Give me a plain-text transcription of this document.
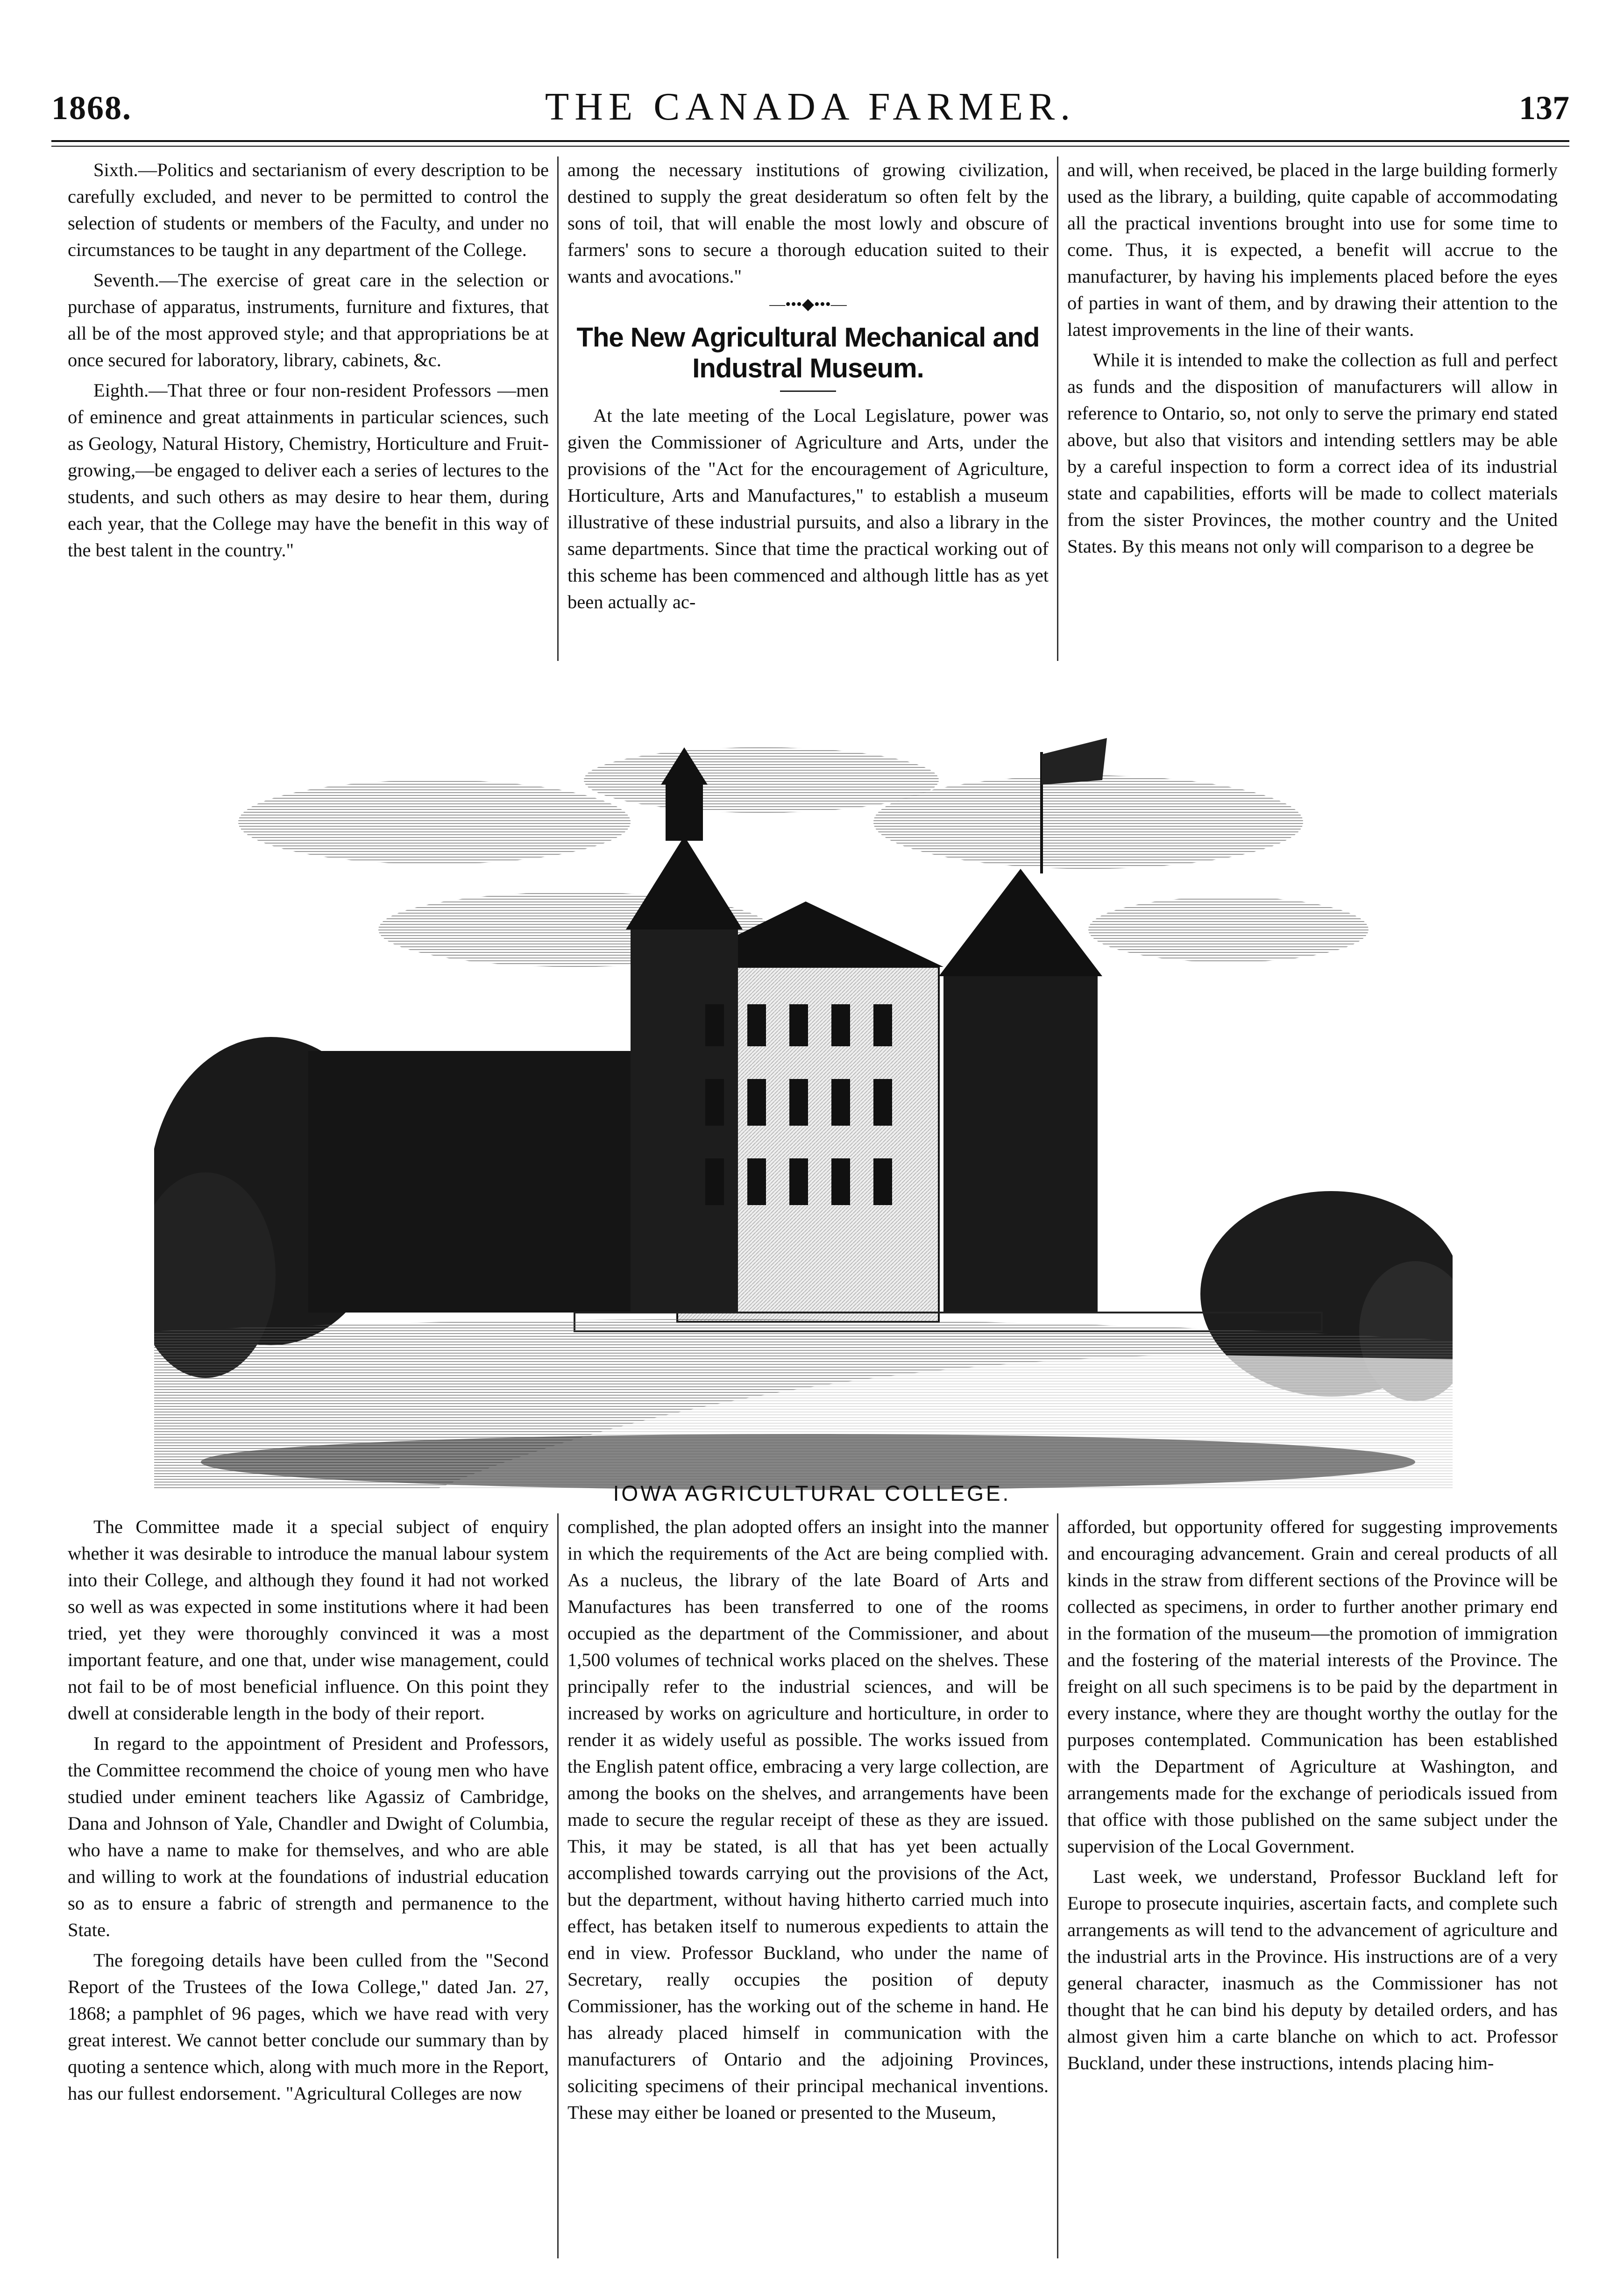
1868.	THE CANADA FARMER.	137

Sixth.—Politics and sectarianism of every description to be carefully excluded, and never to be permitted to control the selection of students or members of the Faculty, and under no circumstances to be taught in any department of the College.

Seventh.—The exercise of great care in the selection or purchase of apparatus, instruments, furniture and fixtures, that all be of the most approved style; and that appropriations be at once secured for laboratory, library, cabinets, &c.

Eighth.—That three or four non-resident Professors —men of eminence and great attainments in particular sciences, such as Geology, Natural History, Chemistry, Horticulture and Fruit-growing,—be engaged to deliver each a series of lectures to the students, and such others as may desire to hear them, during each year, that the College may have the benefit in this way of the best talent in the country."

among the necessary institutions of growing civilization, destined to supply the great desideratum so often felt by the sons of toil, that will enable the most lowly and obscure of farmers' sons to secure a thorough education suited to their wants and avocations."

—•••◆•••—
The New Agricultural Mechanical and Industral Museum.

At the late meeting of the Local Legislature, power was given the Commissioner of Agriculture and Arts, under the provisions of the "Act for the encouragement of Agriculture, Horticulture, Arts and Manufactures," to establish a museum illustrative of these industrial pursuits, and also a library in the same departments. Since that time the practical working out of this scheme has been commenced and although little has as yet been actually ac-

and will, when received, be placed in the large building formerly used as the library, a building, quite capable of accommodating all the practical inventions brought into use for some time to come. Thus, it is expected, a benefit will accrue to the manufacturer, by having his implements placed before the eyes of parties in want of them, and by drawing their attention to the latest improvements in the line of their wants.

While it is intended to make the collection as full and perfect as funds and the disposition of manufacturers will allow in reference to Ontario, so, not only to serve the primary end stated above, but also that visitors and intending settlers may be able by a careful inspection to form a correct idea of its industrial state and capabilities, efforts will be made to collect materials from the sister Provinces, the mother country and the United States. By this means not only will comparison to a degree be

IOWA AGRICULTURAL COLLEGE.

The Committee made it a special subject of enquiry whether it was desirable to introduce the manual labour system into their College, and although they found it had not worked so well as was expected in some institutions where it had been tried, yet they were thoroughly convinced it was a most important feature, and one that, under wise management, could not fail to be of most beneficial influence. On this point they dwell at considerable length in the body of their report.

In regard to the appointment of President and Professors, the Committee recommend the choice of young men who have studied under eminent teachers like Agassiz of Cambridge, Dana and Johnson of Yale, Chandler and Dwight of Columbia, who have a name to make for themselves, and who are able and willing to work at the foundations of industrial education so as to ensure a fabric of strength and permanence to the State.

The foregoing details have been culled from the "Second Report of the Trustees of the Iowa College," dated Jan. 27, 1868; a pamphlet of 96 pages, which we have read with very great interest. We cannot better conclude our summary than by quoting a sentence which, along with much more in the Report, has our fullest endorsement. "Agricultural Colleges are now

complished, the plan adopted offers an insight into the manner in which the requirements of the Act are being complied with. As a nucleus, the library of the late Board of Arts and Manufactures has been transferred to one of the rooms occupied as the department of the Commissioner, and about 1,500 volumes of technical works placed on the shelves. These principally refer to the industrial sciences, and will be increased by works on agriculture and horticulture, in order to render it as widely useful as possible. The works issued from the English patent office, embracing a very large collection, are among the books on the shelves, and arrangements have been made to secure the regular receipt of these as they are issued. This, it may be stated, is all that has yet been actually accomplished towards carrying out the provisions of the Act, but the department, without having hitherto carried much into effect, has betaken itself to numerous expedients to attain the end in view. Professor Buckland, who under the name of Secretary, really occupies the position of deputy Commissioner, has the working out of the scheme in hand. He has already placed himself in communication with the manufacturers of Ontario and the adjoining Provinces, soliciting specimens of their principal mechanical inventions. These may either be loaned or presented to the Museum,

afforded, but opportunity offered for suggesting improvements and encouraging advancement. Grain and cereal products of all kinds in the straw from different sections of the Province will be collected as specimens, in order to further another primary end in the formation of the museum—the promotion of immigration and the fostering of the material interests of the Province. The freight on all such specimens is to be paid by the department in every instance, where they are thought worthy the outlay for the purposes contemplated. Communication has been established with the Department of Agriculture at Washington, and arrangements made for the exchange of periodicals issued from that office with those published on the same subject under the supervision of the Local Government.

Last week, we understand, Professor Buckland left for Europe to prosecute inquiries, ascertain facts, and complete such arrangements as will tend to the advancement of agriculture and the industrial arts in the Province. His instructions are of a very general character, inasmuch as the Commissioner has not thought that he can bind his deputy by detailed orders, and has almost given him a carte blanche on which to act. Professor Buckland, under these instructions, intends placing him-
